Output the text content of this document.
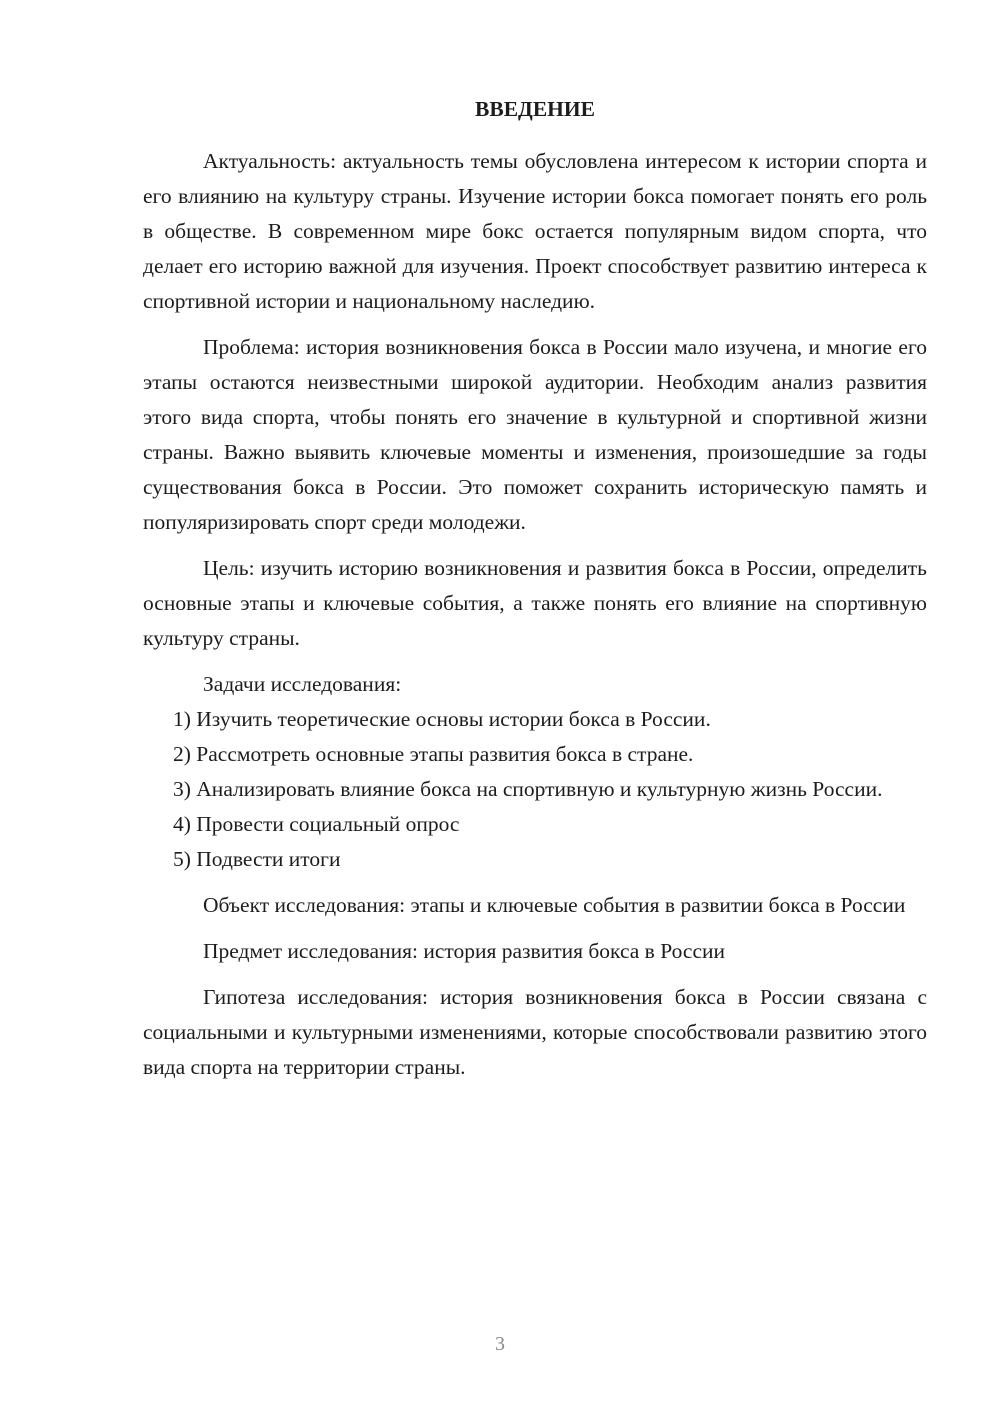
ВВЕДЕНИЕ

Актуальность: актуальность темы обусловлена интересом к истории спорта и его влиянию на культуру страны. Изучение истории бокса помогает понять его роль в обществе. В современном мире бокс остается популярным видом спорта, что делает его историю важной для изучения. Проект способствует развитию интереса к спортивной истории и национальному наследию.

Проблема: история возникновения бокса в России мало изучена, и многие его этапы остаются неизвестными широкой аудитории. Необходим анализ развития этого вида спорта, чтобы понять его значение в культурной и спортивной жизни страны. Важно выявить ключевые моменты и изменения, произошедшие за годы существования бокса в России. Это поможет сохранить историческую память и популяризировать спорт среди молодежи.

Цель: изучить историю возникновения и развития бокса в России, определить основные этапы и ключевые события, а также понять его влияние на спортивную культуру страны.

Задачи исследования:

1) Изучить теоретические основы истории бокса в России.

2) Рассмотреть основные этапы развития бокса в стране.

3) Анализировать влияние бокса на спортивную и культурную жизнь России.

4) Провести социальный опрос

5) Подвести итоги

Объект исследования: этапы и ключевые события в развитии бокса в России

Предмет исследования: история развития бокса в России

Гипотеза исследования: история возникновения бокса в России связана с социальными и культурными изменениями, которые способствовали развитию этого вида спорта на территории страны.

3
